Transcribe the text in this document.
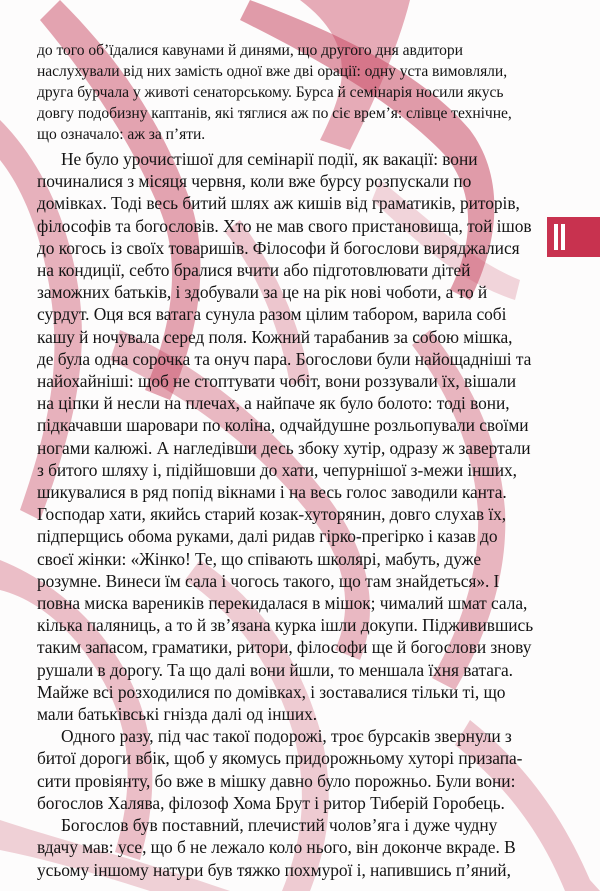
до того об’їдалися кавунами й динями, що другого дня авдитори
наслухували від них замість одної вже дві орації: одну уста вимовляли,
друга бурчала у животі сенаторському. Бурса й семінарія носили якусь
довгу подобизну каптанів, які тяглися аж по сіє врем’я: слівце технічне,
що означало: аж за п’яти.

Не було урочистішої для семінарії події, як вакації: вони
починалися з місяця червня, коли вже бурсу розпускали по
домівках. Тоді весь битий шлях аж кишів від граматиків, риторів,
філософів та богословів. Хто не мав свого пристановища, той ішов
до когось із своїх товаришів. Філософи й богослови виряджалися
на кондиції, себто бралися вчити або підготовлювати дітей
заможних батьків, і здобували за це на рік нові чоботи, а то й
сурдут. Оця вся ватага сунула разом цілим табором, варила собі
кашу й ночувала серед поля. Кожний тарабанив за собою мішка,
де була одна сорочка та онуч пара. Богослови були найощадніші та
найохайніші: щоб не стоптувати чобіт, вони роззували їх, вішали
на ціпки й несли на плечах, а найпаче як було болото: тоді вони,
підкачавши шаровари по коліна, одчайдушне розльопували своїми
ногами калюжі. А нагледівши десь збоку хутір, одразу ж завертали
з битого шляху і, підійшовши до хати, чепурнішої з-межи інших,
шикувалися в ряд попід вікнами і на весь голос заводили канта.
Господар хати, якийсь старий козак-хуторянин, довго слухав їх,
підперщись обома руками, далі ридав гірко-прегірко і казав до
своєї жінки: «Жінко! Те, що співають школярі, мабуть, дуже
розумне. Винеси їм сала і чогось такого, що там знайдеться». І
повна миска вареників перекидалася в мішок; чималий шмат сала,
кілька паляниць, а то й зв’язана курка ішли докупи. Підживившись
таким запасом, граматики, ритори, філософи ще й богослови знову
рушали в дорогу. Та що далі вони йшли, то меншала їхня ватага.
Майже всі розходилися по домівках, і зоставалися тільки ті, що
мали батьківські гнізда далі од інших.

Одного разу, під час такої подорожі, троє бурсаків звернули з
битої дороги вбік, щоб у якомусь придорожньому хуторі призапа-
сити провіянту, бо вже в мішку давно було порожньо. Були вони:
богослов Халява, філозоф Хома Брут і ритор Тиберій Горобець.

Богослов був поставний, плечистий чолов’яга і дуже чудну
вдачу мав: усе, що б не лежало коло нього, він доконче вкраде. В
усьому іншому натури був тяжко похмурої і, напившись п’яний,
